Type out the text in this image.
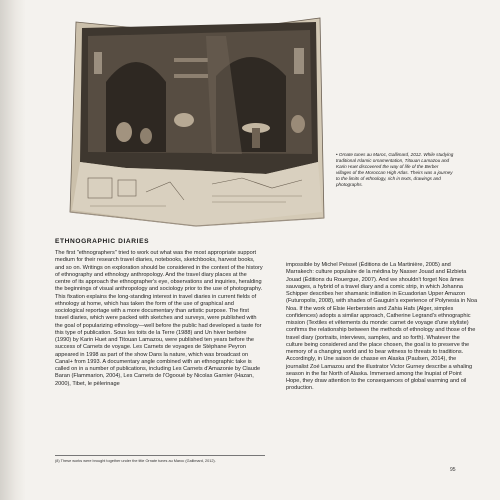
• Ornate tunes au Maroc, Gallimard, 2012. While studying traditional Islamic ornamentation, Titouan Lamazou and Karin Huet discovered the way of life of the Berber villages of the Moroccan High Atlas. Theirs was a journey to the limits of ethnology, rich in texts, drawings and photographs.
ETHNOGRAPHIC DIARIES

The first "ethnographers" tried to work out what was the most appropriate support medium for their research travel diaries, notebooks, sketchbooks, harvest books, and so on. Writings on exploration should be considered in the context of the history of ethnography and ethnology anthropology. And the travel diary places at the centre of its approach the ethnographer's eye, observations and inquiries, heralding the beginnings of visual anthropology and sociology prior to the use of photography. This fixation explains the long-standing interest in travel diaries in current fields of ethnology at home, which has taken the form of the use of graphical and sociological reportage with a more documentary than artistic purpose. The first travel diaries, which were packed with sketches and surveys, were published with the goal of popularizing ethnology—well before the public had developed a taste for this type of publication. Sous les toits de la Terre (1988) and Un hiver berbère (1990) by Karin Huet and Titouan Lamazou, were published ten years before the success of Carnets de voyage. Les Carnets de voyages de Stéphane Peyron appeared in 1998 as part of the show Dans la nature, which was broadcast on Canal+ from 1993. A documentary angle combined with an ethnographic take is called on in a number of publications, including Les Carnets d'Amazonie by Claude Baran (Flammarion, 2004), Les Carnets de l'Ogooué by Nicolas Garnier (Hazan, 2000), Tibet, le pèlerinage

impossible by Michel Peissel (Éditions de La Martinière, 2005) and Marrakech: culture populaire de la médina by Nasser Jouad and Elzbieta Jouad (Éditions du Rouergue, 2007). And we shouldn't forget Nos âmes sauvages, a hybrid of a travel diary and a comic strip, in which Johanna Schipper describes her shamanic initiation in Ecuadorian Upper Amazon (Futuropolis, 2008), with shades of Gauguin's experience of Polynesia in Noa Noa. If the work of Elsie Herberstein and Zahia Hafs (Alger, simples confidences) adopts a similar approach, Catherine Legrand's ethnographic mission (Textiles et vêtements du monde: carnet de voyage d'une styliste) confirms the relationship between the methods of ethnology and those of the travel diary (portraits, interviews, samples, and so forth). Whatever the culture being considered and the place chosen, the goal is to preserve the memory of a changing world and to bear witness to threats to traditions. Accordingly, in Une saison de chasse en Alaska (Paulsen, 2014), the journalist Zoé Lamazou and the illustrator Victor Gurney describe a whaling season in the far North of Alaska. Immersed among the Inupiat of Point Hope, they draw attention to the consequences of global warming and oil production.

(8) These works were brought together under the title Ornate tunes au Maroc (Gallimard, 2012).
95
